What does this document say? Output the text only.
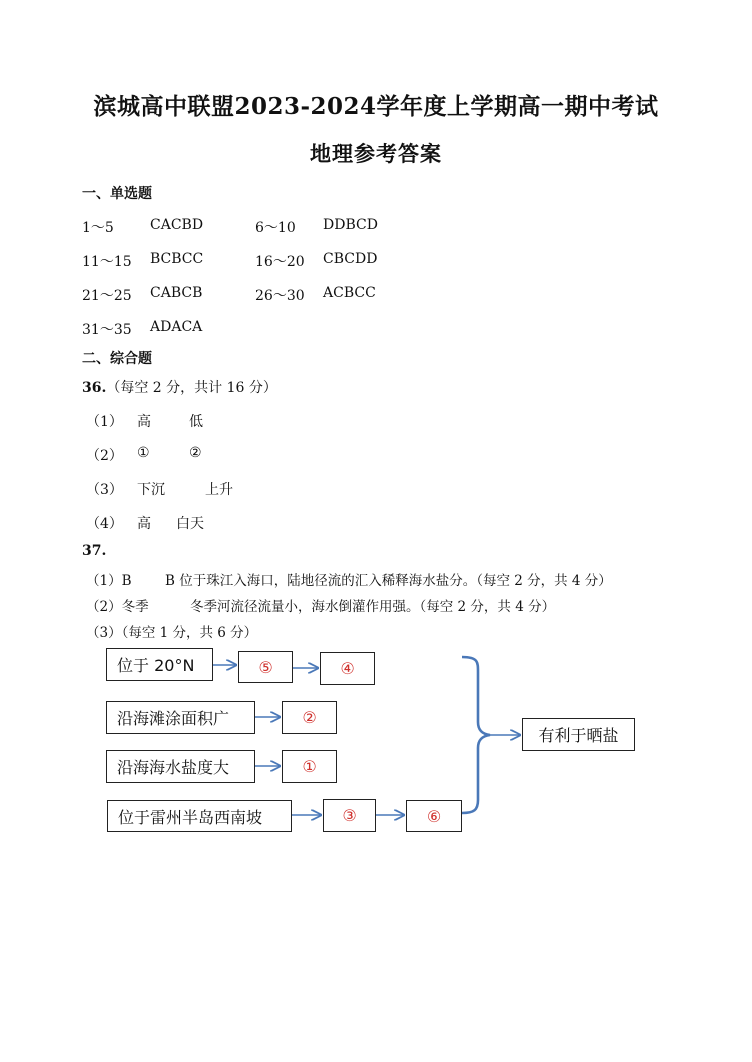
滨城高中联盟2023-2024学年度上学期高一期中考试
地理参考答案
一、单选题
1～5	CACBD	6～10 DDBCD
11～15 BCBCC	16～20 CBCDD
21～25 CABCB	26～30 ACBCC
31～35 ADACA
二、综合题
36.（每空 2 分，共计 16 分）
（1） 高	低
（2） ①	②
（3） 下沉	上升
（4） 高 白天
37.
（1）B B 位于珠江入海口，陆地径流的汇入稀释海水盐分。（每空 2 分，共 4 分）
（2）冬季	冬季河流径流量小，海水倒灌作用强。（每空 2 分，共 4 分）
（3）（每空 1 分，共 6 分）
位于 20°N	⑤	④
沿海滩涂面积广	②
沿海海水盐度大	①
位于雷州半岛西南坡	③	⑥
有利于晒盐
